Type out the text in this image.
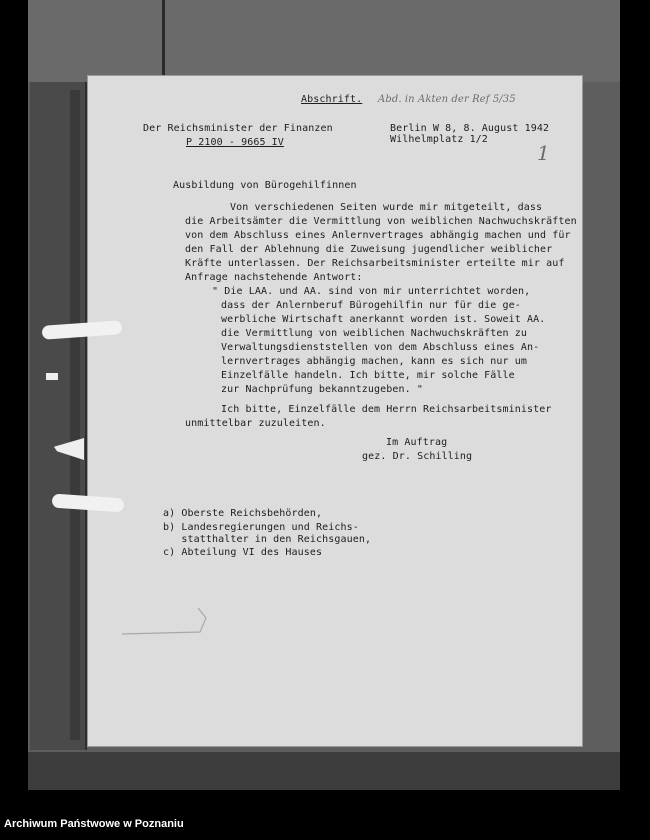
Abschrift. Abd. in Akten der Ref 5/35
1
Der Reichsminister der Finanzen
P 2100 - 9665 IV
Berlin W 8, 8. August 1942
Wilhelmplatz 1/2
Ausbildung von Bürogehilfinnen
Von verschiedenen Seiten wurde mir mitgeteilt, dass
die Arbeitsämter die Vermittlung von weiblichen Nachwuchskräften
von dem Abschluss eines Anlernvertrages abhängig machen und für
den Fall der Ablehnung die Zuweisung jugendlicher weiblicher
Kräfte unterlassen. Der Reichsarbeitsminister erteilte mir auf
Anfrage nachstehende Antwort:
" Die LAA. und AA. sind von mir unterrichtet worden,
dass der Anlernberuf Bürogehilfin nur für die ge-
werbliche Wirtschaft anerkannt worden ist. Soweit AA.
die Vermittlung von weiblichen Nachwuchskräften zu
Verwaltungsdienststellen von dem Abschluss eines An-
lernvertrages abhängig machen, kann es sich nur um
Einzelfälle handeln. Ich bitte, mir solche Fälle
zur Nachprüfung bekanntzugeben. "
Ich bitte, Einzelfälle dem Herrn Reichsarbeitsminister
unmittelbar zuzuleiten.
Im Auftrag
gez. Dr. Schilling
a) Oberste Reichsbehörden,
b) Landesregierungen und Reichs-
statthalter in den Reichsgauen,
c) Abteilung VI des Hauses
Archiwum Państwowe w Poznaniu
